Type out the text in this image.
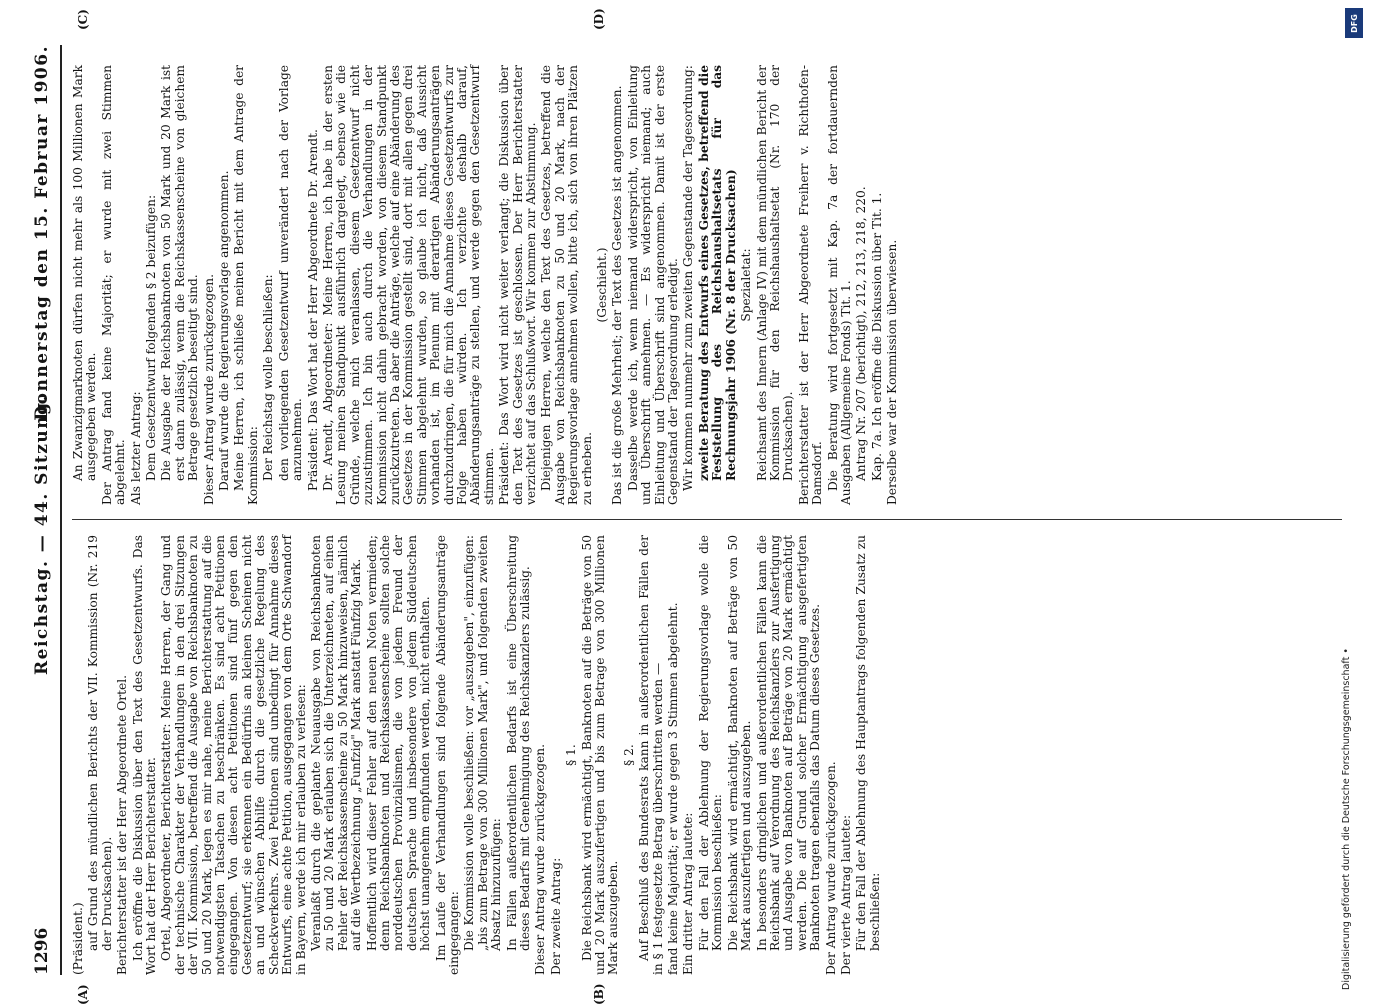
1296
Reichstag. — 44. Sitzung.
Donnerstag den 15. Februar 1906.
(A)	(B)
(C)	(D)

(Präsident.) auf Grund des mündlichen Berichts der VII. Kommission (Nr. 219 der Drucksachen). Berichterstatter ist der Herr Abgeordnete Ortel. Ich eröffne die Diskussion über den Text des Gesetzentwurfs. Das Wort hat der Herr Berichterstatter. Ortel, Abgeordneter, Berichterstatter: Meine Herren, der Gang und der technische Charakter der Verhandlungen in den drei Sitzungen der VII. Kommission, betreffend die Ausgabe von Reichsbanknoten zu 50 und 20 Mark, legen es mir nahe, meine Berichterstattung auf die notwendigsten Tatsachen zu beschränken. Es sind acht Petitionen eingegangen. Von diesen acht Petitionen sind fünf gegen den Gesetzentwurf; sie erkennen ein Bedürfnis an kleinen Scheinen nicht an und wünschen Abhilfe durch die gesetzliche Regelung des Scheckverkehrs. Zwei Petitionen sind unbedingt für Annahme dieses Entwurfs, eine achte Petition, ausgegangen von dem Orte Schwandorf in Bayern, werde ich mir erlauben zu verlesen: Veranlaßt durch die geplante Neuausgabe von Reichsbanknoten zu 50 und 20 Mark erlauben sich die Unterzeichneten, auf einen Fehler der Reichskassenscheine zu 50 Mark hinzuweisen, nämlich auf die Wertbezeichnung „Funfzig" Mark anstatt Fünfzig Mark. Hoffentlich wird dieser Fehler auf den neuen Noten vermieden; denn Reichsbanknoten und Reichskassenscheine sollten solche norddeutschen Provinzialismen, die von jedem Freund der deutschen Sprache und insbesondere von jedem Süddeutschen höchst unangenehm empfunden werden, nicht enthalten. Im Laufe der Verhandlungen sind folgende Abänderungsanträge eingegangen: Die Kommission wolle beschließen: vor „auszugeben", einzufügen: „bis zum Betrage von 300 Millionen Mark", und folgenden zweiten Absatz hinzuzufügen: In Fällen außerordentlichen Bedarfs ist eine Überschreitung dieses Bedarfs mit Genehmigung des Reichskanzlers zulässig. Dieser Antrag wurde zurückgezogen. Der zweite Antrag:

§ 1. Die Reichsbank wird ermächtigt, Banknoten auf die Beträge von 50 und 20 Mark auszufertigen und bis zum Betrage von 300 Millionen Mark auszugeben.

§ 2. Auf Beschluß des Bundesrats kann in außerordentlichen Fällen der in § 1 festgesetzte Betrag überschritten werden — fand keine Majorität; er wurde gegen 3 Stimmen abgelehnt. Ein dritter Antrag lautete: Für den Fall der Ablehnung der Regierungsvorlage wolle die Kommission beschließen: Die Reichsbank wird ermächtigt, Banknoten auf Beträge von 50 Mark auszufertigen und auszugeben. In besonders dringlichen und außerordentlichen Fällen kann die Reichsbank auf Verordnung des Reichskanzlers zur Ausfertigung und Ausgabe von Banknoten auf Beträge von 20 Mark ermächtigt werden. Die auf Grund solcher Ermächtigung ausgefertigten Banknoten tragen ebenfalls das Datum dieses Gesetzes. Der Antrag wurde zurückgezogen. Der vierte Antrag lautete: Für den Fall der Ablehnung des Hauptantrags folgenden Zusatz zu beschließen:

An Zwanzigmarknoten dürfen nicht mehr als 100 Millionen Mark ausgegeben werden. Der Antrag fand keine Majorität; er wurde mit zwei Stimmen abgelehnt. Als letzter Antrag: Dem Gesetzentwurf folgenden § 2 beizufügen: Die Ausgabe der Reichsbanknoten von 50 Mark und 20 Mark ist erst dann zulässig, wenn die Reichskassenscheine von gleichem Betrage gesetzlich beseitigt sind. Dieser Antrag wurde zurückgezogen. Darauf wurde die Regierungsvorlage angenommen. Meine Herren, ich schließe meinen Bericht mit dem Antrage der Kommission: Der Reichstag wolle beschließen: den vorliegenden Gesetzentwurf unverändert nach der Vorlage anzunehmen. Präsident: Das Wort hat der Herr Abgeordnete Dr. Arendt. Dr. Arendt, Abgeordneter: Meine Herren, ich habe in der ersten Lesung meinen Standpunkt ausführlich dargelegt, ebenso wie die Gründe, welche mich veranlassen, diesem Gesetzentwurf nicht zuzustimmen. Ich bin auch durch die Verhandlungen in der Kommission nicht dahin gebracht worden, von diesem Standpunkt zurückzutreten. Da aber die Anträge, welche auf eine Abänderung des Gesetzes in der Kommission gestellt sind, dort mit allen gegen drei Stimmen abgelehnt wurden, so glaube ich nicht, daß Aussicht vorhanden ist, im Plenum mit derartigen Abänderungsanträgen durchzudringen, die für mich die Annahme dieses Gesetzentwurfs zur Folge haben würden. Ich verzichte deshalb darauf, Abänderungsanträge zu stellen, und werde gegen den Gesetzentwurf stimmen. Präsident: Das Wort wird nicht weiter verlangt; die Diskussion über den Text des Gesetzes ist geschlossen. Der Herr Berichterstatter verzichtet auf das Schlußwort. Wir kommen zur Abstimmung. Diejenigen Herren, welche den Text des Gesetzes, betreffend die Ausgabe von Reichsbanknoten zu 50 und 20 Mark, nach der Regierungsvorlage annehmen wollen, bitte ich, sich von ihren Plätzen zu erheben.

(Geschieht.) Das ist die große Mehrheit; der Text des Gesetzes ist angenommen. Dasselbe werde ich, wenn niemand widerspricht, von Einleitung und Überschrift annehmen. — Es widerspricht niemand; auch Einleitung und Überschrift sind angenommen. Damit ist der erste Gegenstand der Tagesordnung erledigt. Wir kommen nunmehr zum zweiten Gegenstande der Tagesordnung: zweite Beratung des Entwurfs eines Gesetzes, betreffend die Feststellung des Reichshaushaltsetats für das Rechnungsjahr 1906 (Nr. 8 der Drucksachen) Spezialetat: Reichsamt des Innern (Anlage IV) mit dem mündlichen Bericht der Kommission für den Reichshaushaltsetat (Nr. 170 der Drucksachen). Berichterstatter ist der Herr Abgeordnete Freiherr v. Richthofen-Damsdorf. Die Beratung wird fortgesetzt mit Kap. 7a der fortdauernden Ausgaben (Allgemeine Fonds) Tit. 1. Antrag Nr. 207 (berichtigt), 212, 213, 218, 220. Kap. 7a. Ich eröffne die Diskussion über Tit. 1. Derselbe war der Kommission überwiesen.

DFG
Digitalisierung gefördert durch die Deutsche Forschungsgemeinschaft •
